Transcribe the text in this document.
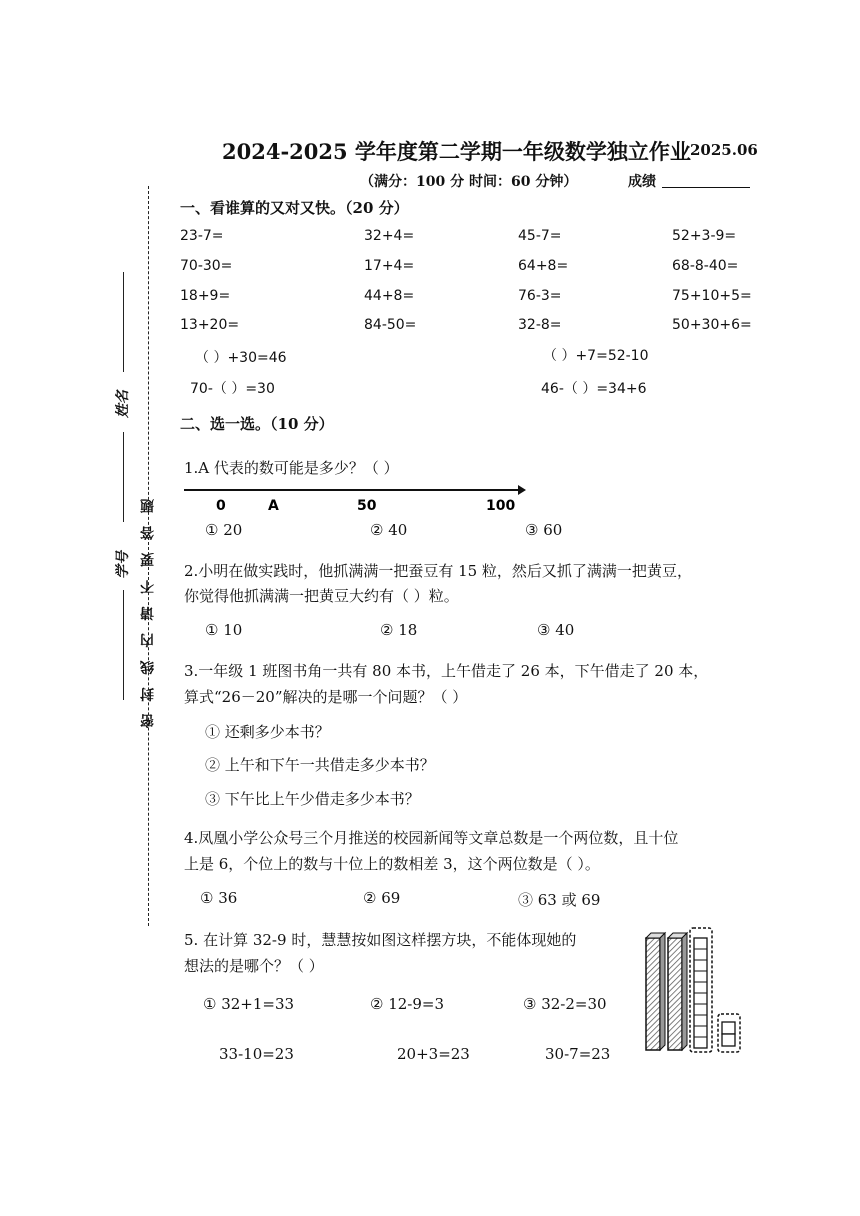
2024-2025 学年度第二学期一年级数学独立作业 2025.06
（满分：100 分 时间：60 分钟）	成绩
姓名
学号 密 封 线 内 请 不 要 答 题
一、看谁算的又对又快。（20 分）
23-7=	32+4=	45-7=	52+3-9=
70-30=	17+4=	64+8=	68-8-40=
18+9=	44+8=	76-3=	75+10+5=
13+20=	84-50=	32-8=	50+30+6=
（ ）+30=46	（ ）+7=52-10
70-（ ）=30	46-（ ）=34+6
二、选一选。（10 分）
1.A 代表的数可能是多少？（ ）
0	A	50	100
① 20	② 40	③ 60
2.小明在做实践时，他抓满满一把蚕豆有 15 粒，然后又抓了满满一把黄豆，
你觉得他抓满满一把黄豆大约有（ ）粒。
① 10	② 18	③ 40
3.一年级 1 班图书角一共有 80 本书，上午借走了 26 本，下午借走了 20 本，
算式“26－20”解决的是哪一个问题？（ ）
① 还剩多少本书？
② 上午和下午一共借走多少本书？
③ 下午比上午少借走多少本书？
4.凤凰小学公众号三个月推送的校园新闻等文章总数是一个两位数，且十位
上是 6，个位上的数与十位上的数相差 3，这个两位数是（ ）。
① 36	② 69	③ 63 或 69
5. 在计算 32-9 时，慧慧按如图这样摆方块，不能体现她的
想法的是哪个？（ ）
① 32+1=33	② 12-9=3	③ 32-2=30
33-10=23	20+3=23	30-7=23
